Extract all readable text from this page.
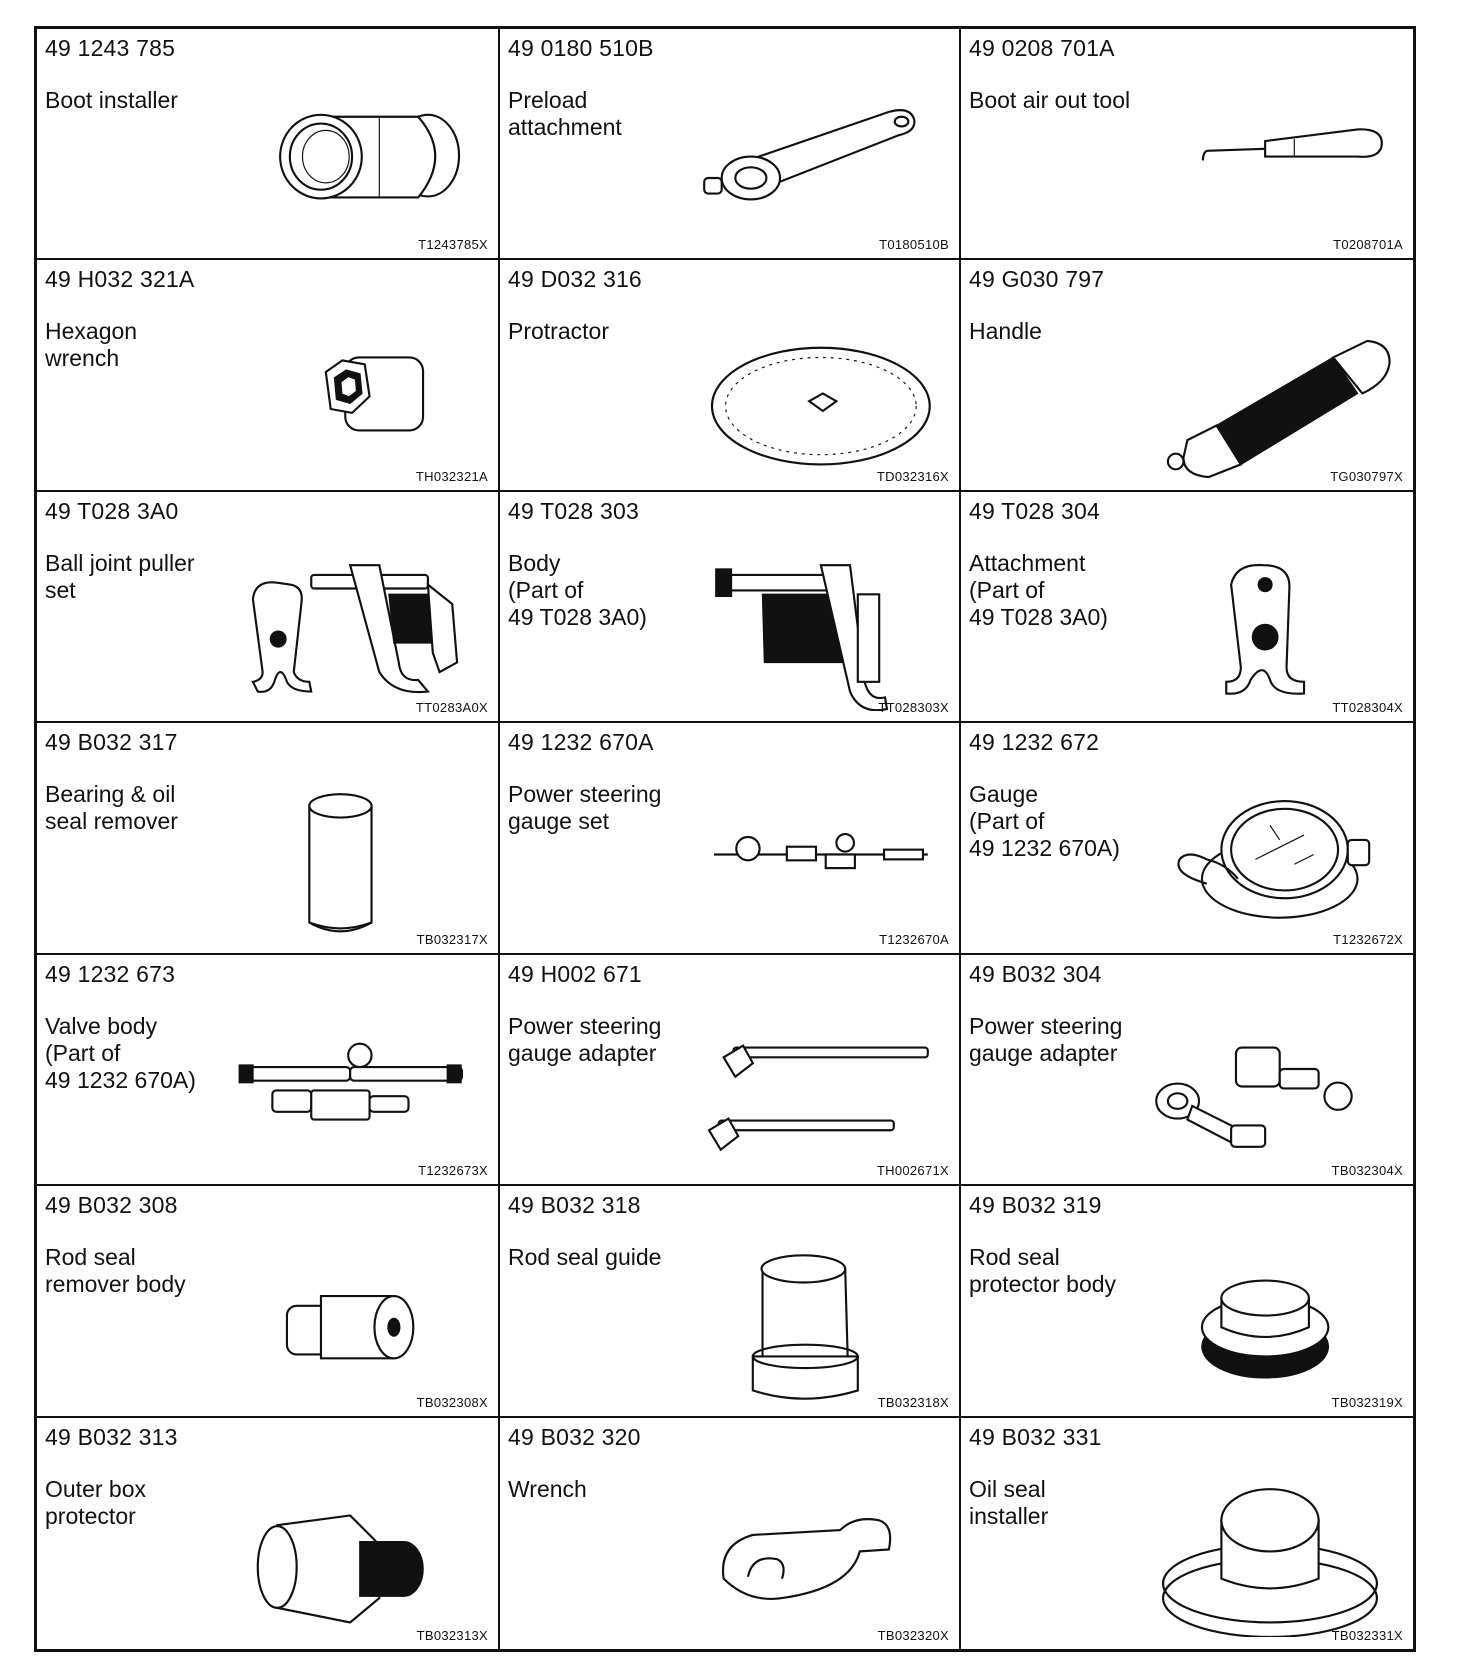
49 1243 785
Boot installer
T1243785X
49 0180 510B
Preload
attachment
T0180510B
49 0208 701A
Boot air out tool
T0208701A
49 H032 321A
Hexagon
wrench
TH032321A
49 D032 316
Protractor
TD032316X
49 G030 797
Handle
TG030797X
49 T028 3A0
Ball joint puller
set
TT0283A0X
49 T028 303
Body
(Part of
49 T028 3A0)
TT028303X
49 T028 304
Attachment
(Part of
49 T028 3A0)
TT028304X
49 B032 317
Bearing & oil
seal remover
TB032317X
49 1232 670A
Power steering
gauge set
T1232670A
49 1232 672
Gauge
(Part of
49 1232 670A)
T1232672X
49 1232 673
Valve body
(Part of
49 1232 670A)
T1232673X
49 H002 671
Power steering
gauge adapter
TH002671X
49 B032 304
Power steering
gauge adapter
TB032304X
49 B032 308
Rod seal
remover body
TB032308X
49 B032 318
Rod seal guide
TB032318X
49 B032 319
Rod seal
protector body
TB032319X
49 B032 313
Outer box
protector
TB032313X
49 B032 320
Wrench
TB032320X
49 B032 331
Oil seal
installer
TB032331X
